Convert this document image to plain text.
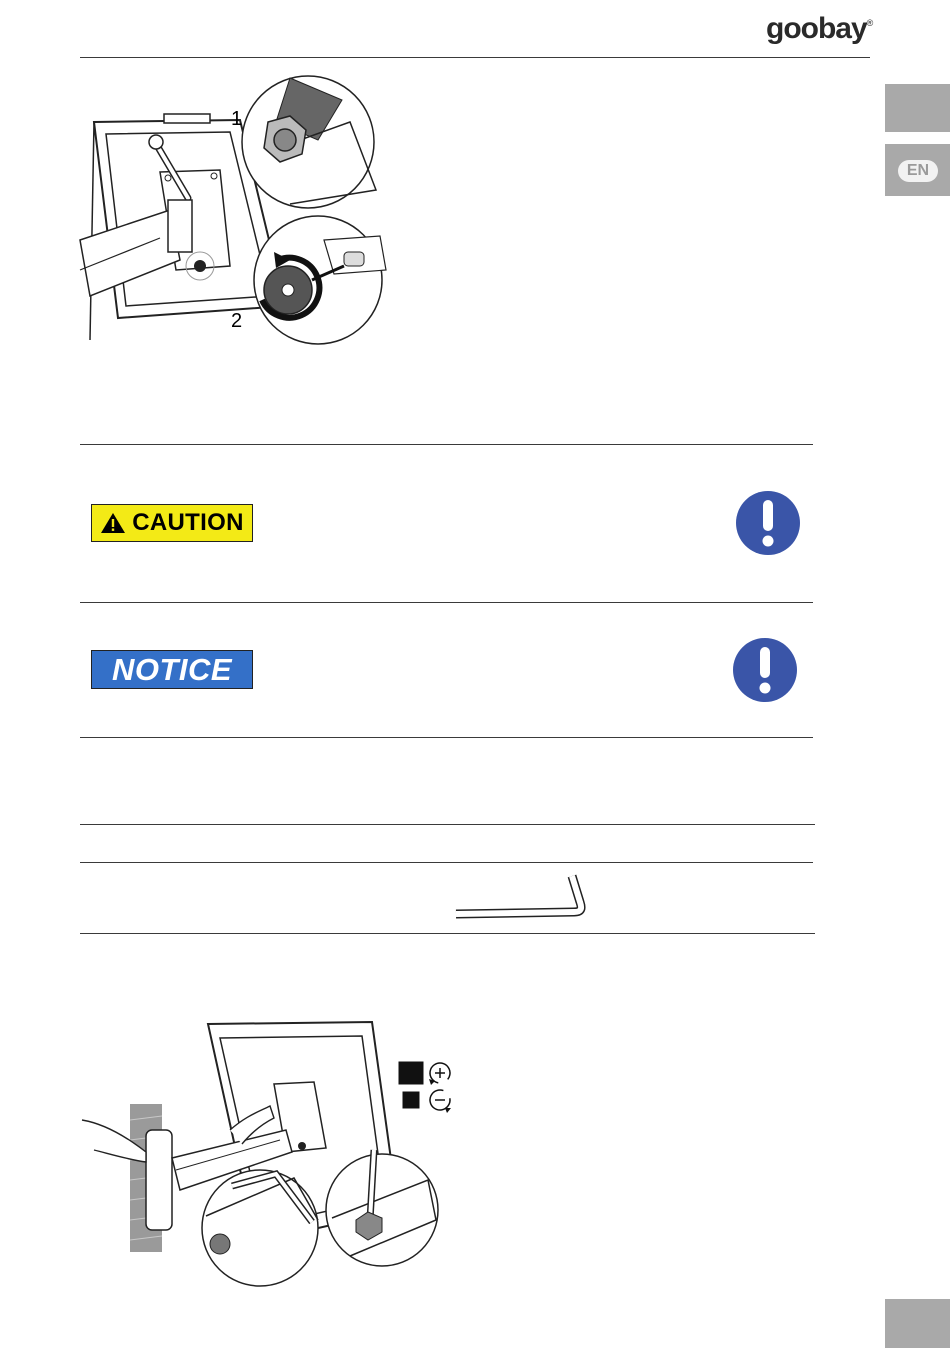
goobay®
EN
1
2
CAUTION
NOTICE
